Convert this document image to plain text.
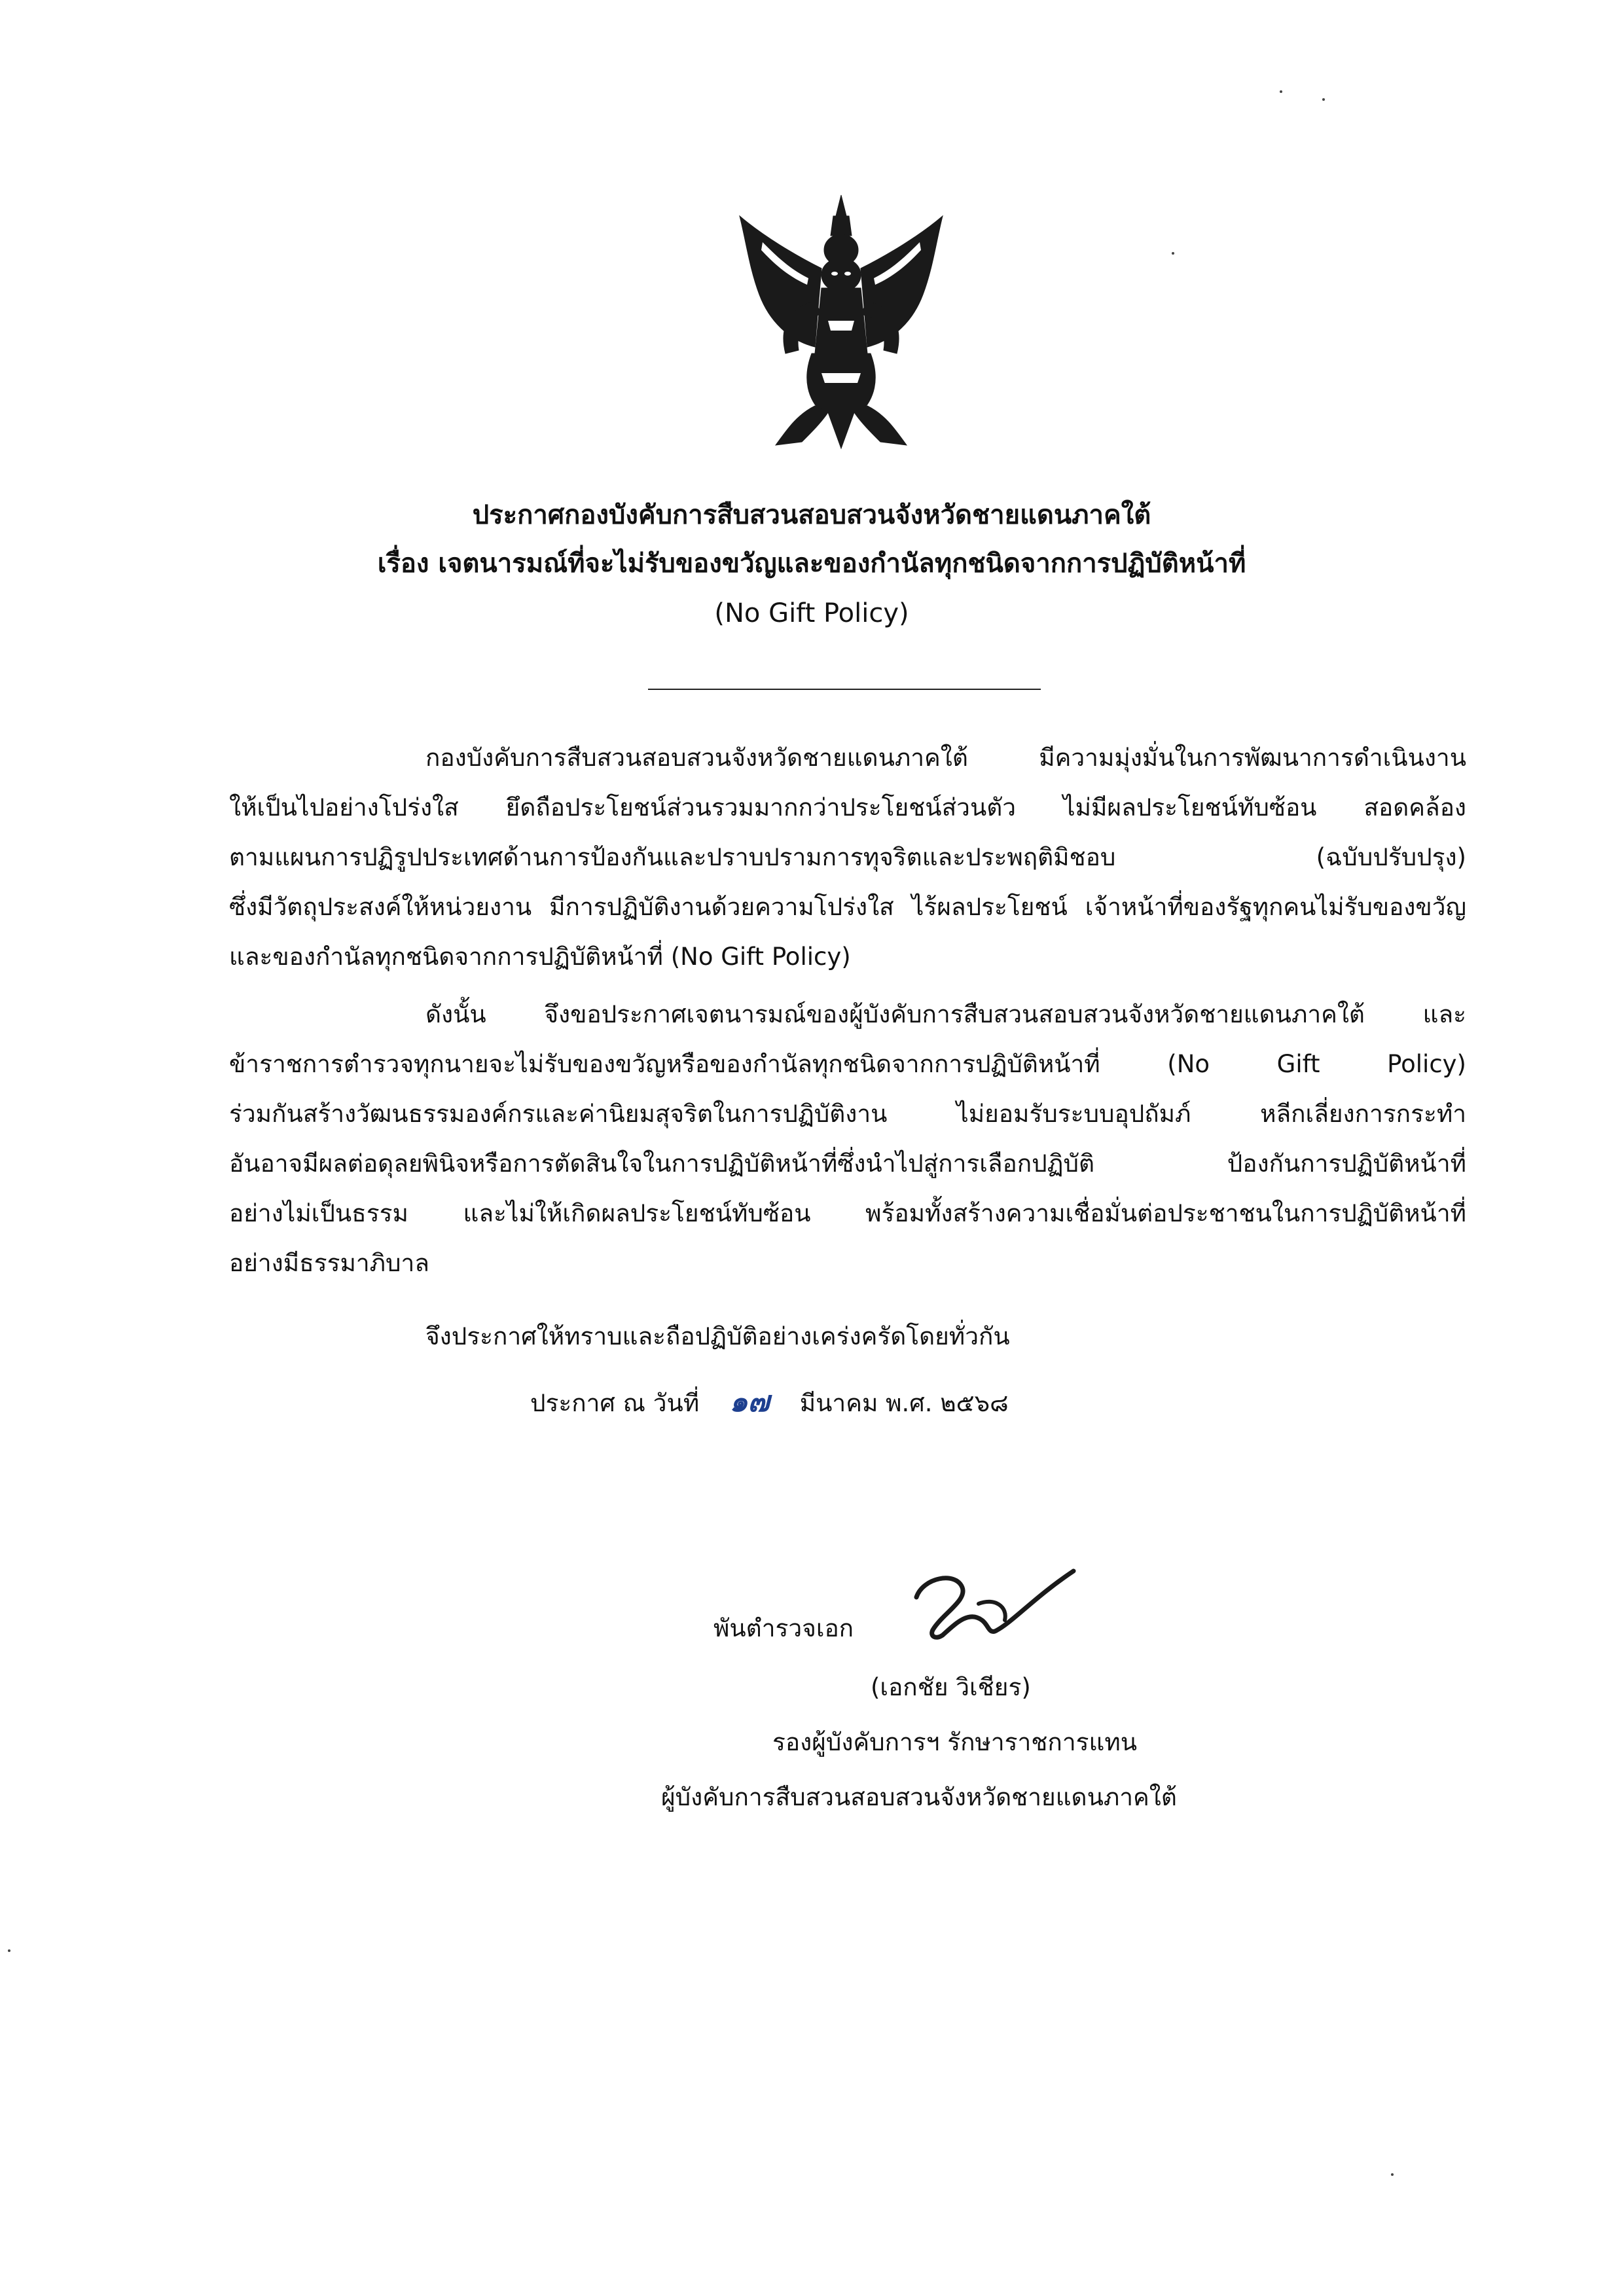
ประกาศกองบังคับการสืบสวนสอบสวนจังหวัดชายแดนภาคใต้
เรื่อง เจตนารมณ์ที่จะไม่รับของขวัญและของกำนัลทุกชนิดจากการปฏิบัติหน้าที่
(No Gift Policy)
กองบังคับการสืบสวนสอบสวนจังหวัดชายแดนภาคใต้ มีความมุ่งมั่นในการพัฒนาการดำเนินงาน
ให้เป็นไปอย่างโปร่งใส ยึดถือประโยชน์ส่วนรวมมากกว่าประโยชน์ส่วนตัว ไม่มีผลประโยชน์ทับซ้อน สอดคล้อง
ตามแผนการปฏิรูปประเทศด้านการป้องกันและปราบปรามการทุจริตและประพฤติมิชอบ (ฉบับปรับปรุง)
ซึ่งมีวัตถุประสงค์ให้หน่วยงาน มีการปฏิบัติงานด้วยความโปร่งใส ไร้ผลประโยชน์ เจ้าหน้าที่ของรัฐทุกคนไม่รับของขวัญ
และของกำนัลทุกชนิดจากการปฏิบัติหน้าที่ (No Gift Policy)
ดังนั้น จึงขอประกาศเจตนารมณ์ของผู้บังคับการสืบสวนสอบสวนจังหวัดชายแดนภาคใต้ และ
ข้าราชการตำรวจทุกนายจะไม่รับของขวัญหรือของกำนัลทุกชนิดจากการปฏิบัติหน้าที่ (No Gift Policy)
ร่วมกันสร้างวัฒนธรรมองค์กรและค่านิยมสุจริตในการปฏิบัติงาน ไม่ยอมรับระบบอุปถัมภ์ หลีกเลี่ยงการกระทำ
อันอาจมีผลต่อดุลยพินิจหรือการตัดสินใจในการปฏิบัติหน้าที่ซึ่งนำไปสู่การเลือกปฏิบัติ ป้องกันการปฏิบัติหน้าที่
อย่างไม่เป็นธรรม และไม่ให้เกิดผลประโยชน์ทับซ้อน พร้อมทั้งสร้างความเชื่อมั่นต่อประชาชนในการปฏิบัติหน้าที่
อย่างมีธรรมาภิบาล
จึงประกาศให้ทราบและถือปฏิบัติอย่างเคร่งครัดโดยทั่วกัน
ประกาศ ณ วันที่ ๑๗ มีนาคม พ.ศ. ๒๕๖๘
พันตำรวจเอก
(เอกชัย วิเชียร)
รองผู้บังคับการฯ รักษาราชการแทน
ผู้บังคับการสืบสวนสอบสวนจังหวัดชายแดนภาคใต้
